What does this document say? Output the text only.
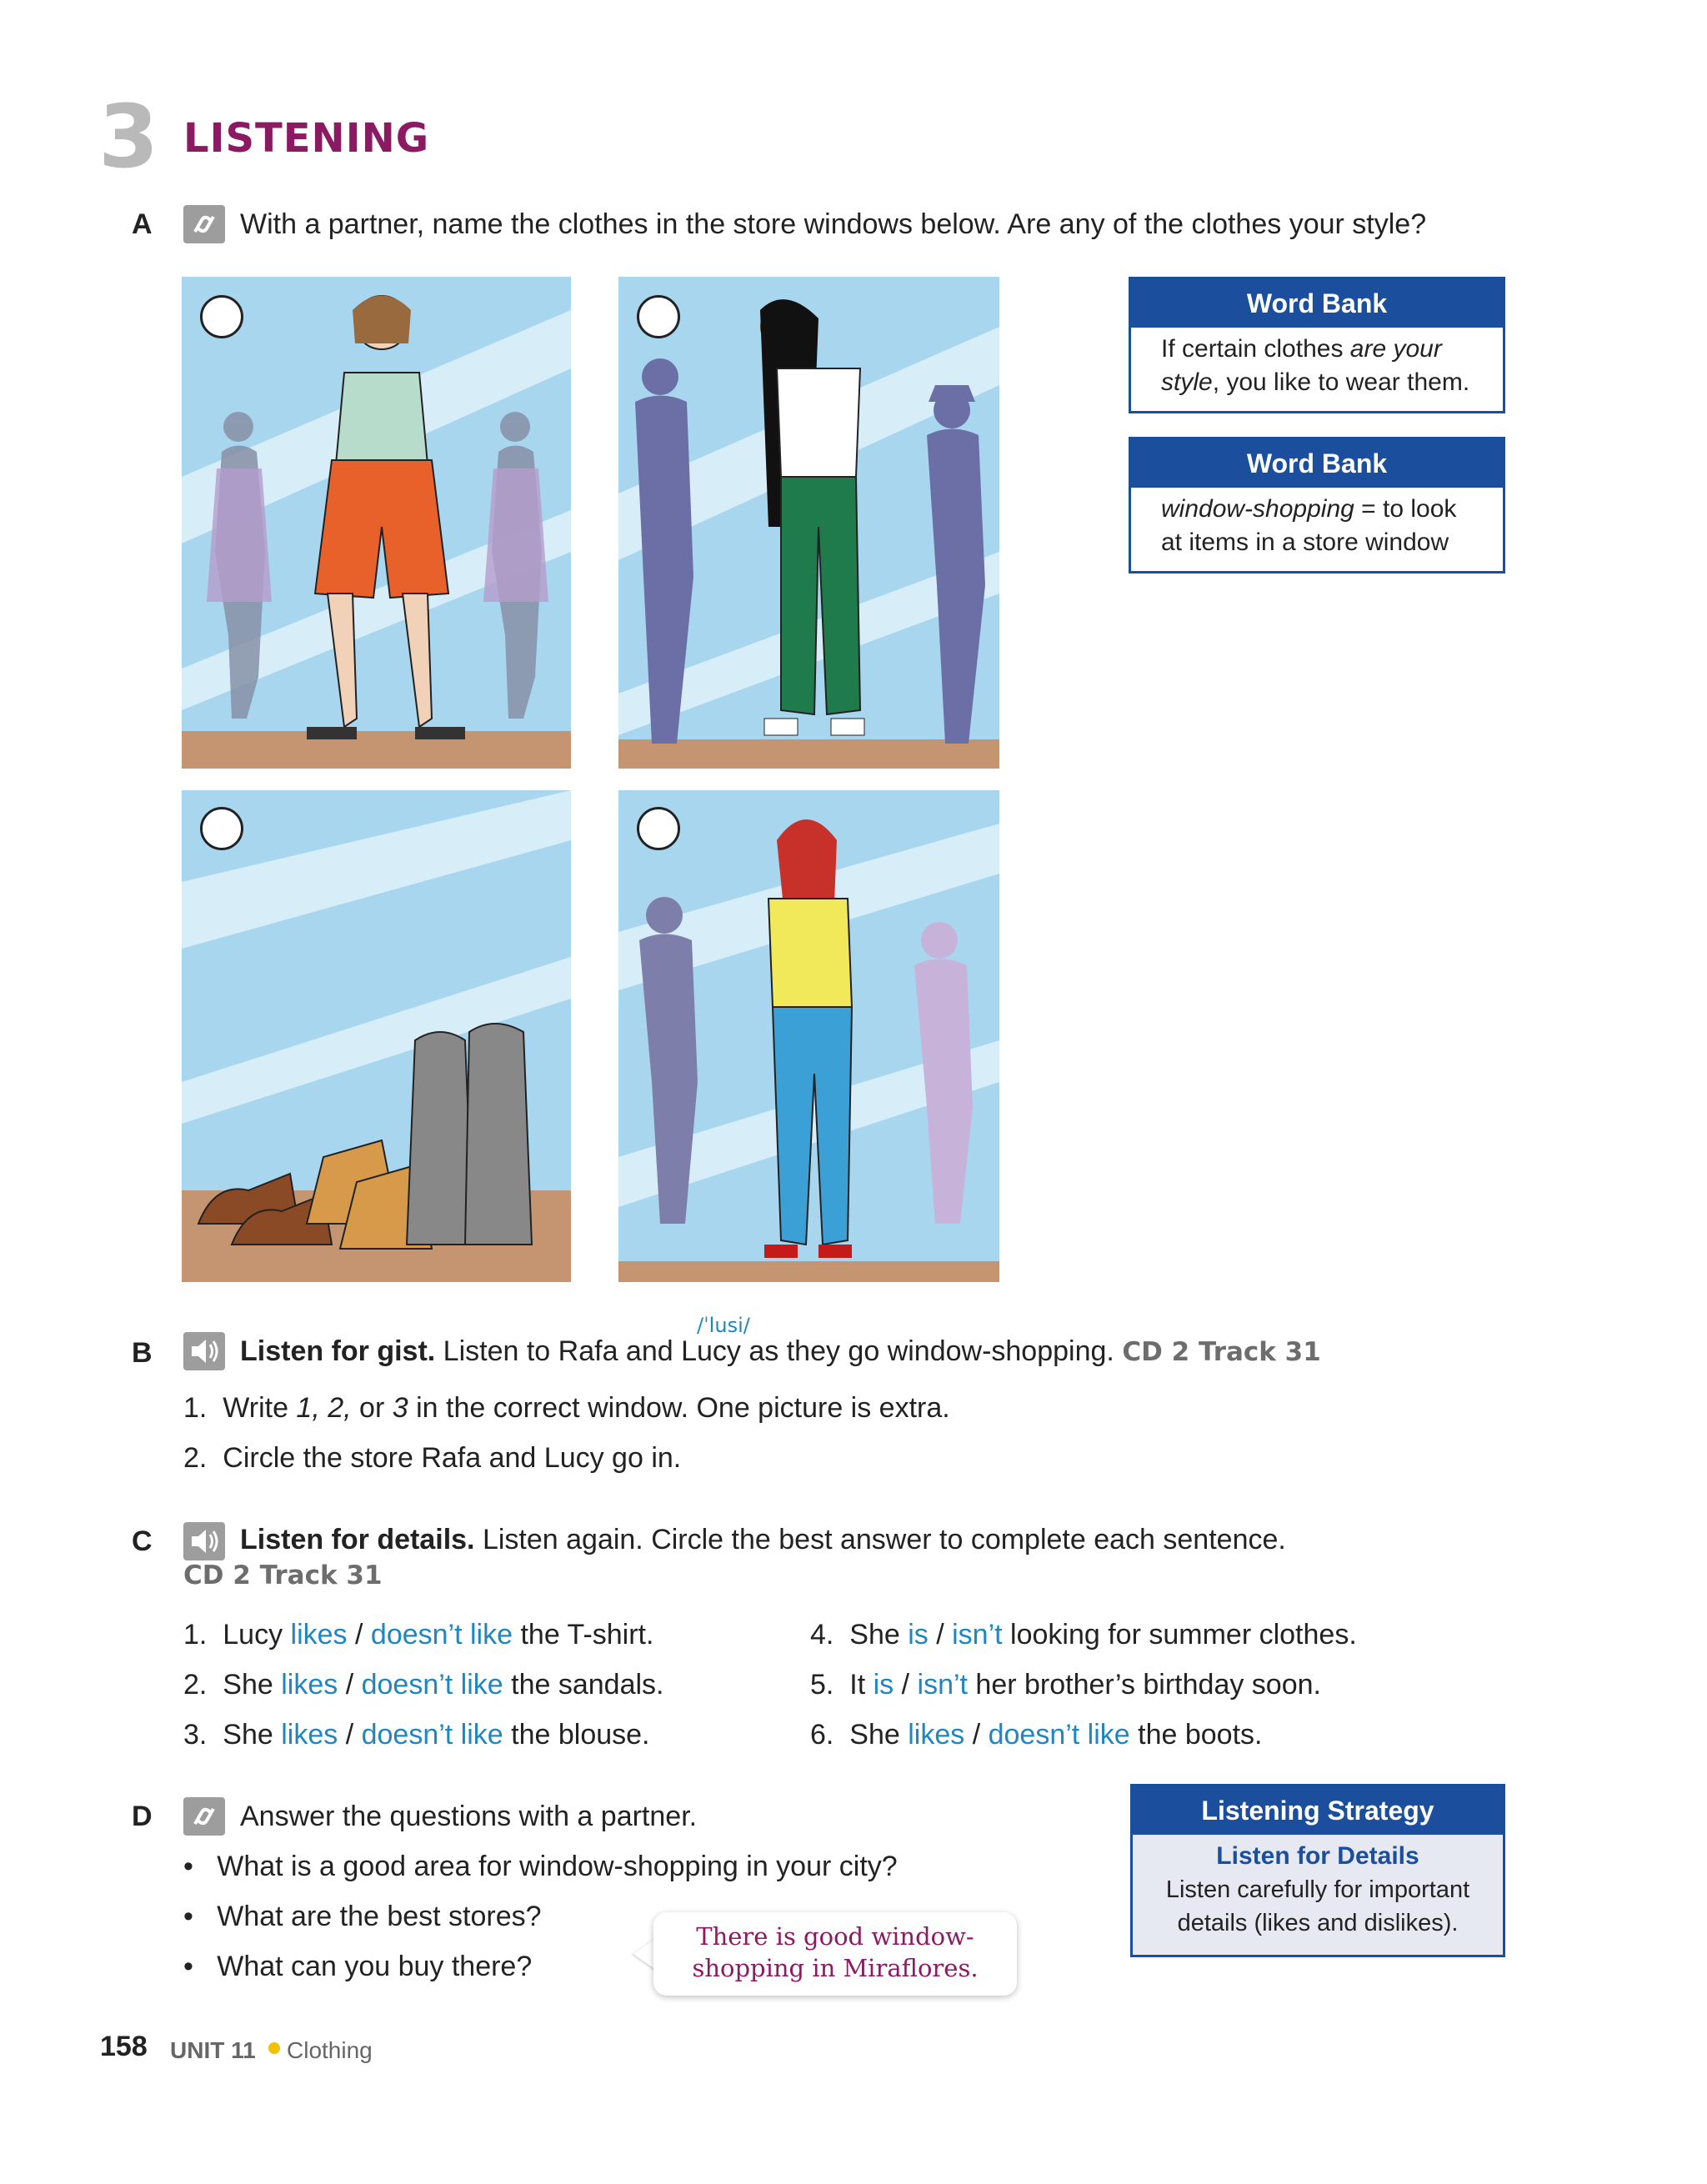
3 LISTENING
A	With a partner, name the clothes in the store windows below. Are any of the clothes your style?
Word Bank
If certain clothes are your
style, you like to wear them.
Word Bank
window-shopping = to look
at items in a store window
/ˈlusi/
B	Listen for gist. Listen to Rafa and Lucy as they go window-shopping. CD 2 Track 31
1. Write 1, 2, or 3 in the correct window. One picture is extra.
2. Circle the store Rafa and Lucy go in.
C	Listen for details. Listen again. Circle the best answer to complete each sentence.
CD 2 Track 31
1. Lucy likes / doesn’t like the T-shirt.
2. She likes / doesn’t like the sandals.
3. She likes / doesn’t like the blouse.
4. She is / isn’t looking for summer clothes.
5. It is / isn’t her brother’s birthday soon.
6. She likes / doesn’t like the boots.
D	Answer the questions with a partner.
•   What is a good area for window-shopping in your city?
•   What are the best stores?
•   What can you buy there?
There is good window-
shopping in Miraflores.
Listening Strategy
Listen for Details
Listen carefully for important
details (likes and dislikes).
158 UNIT 11 Clothing
